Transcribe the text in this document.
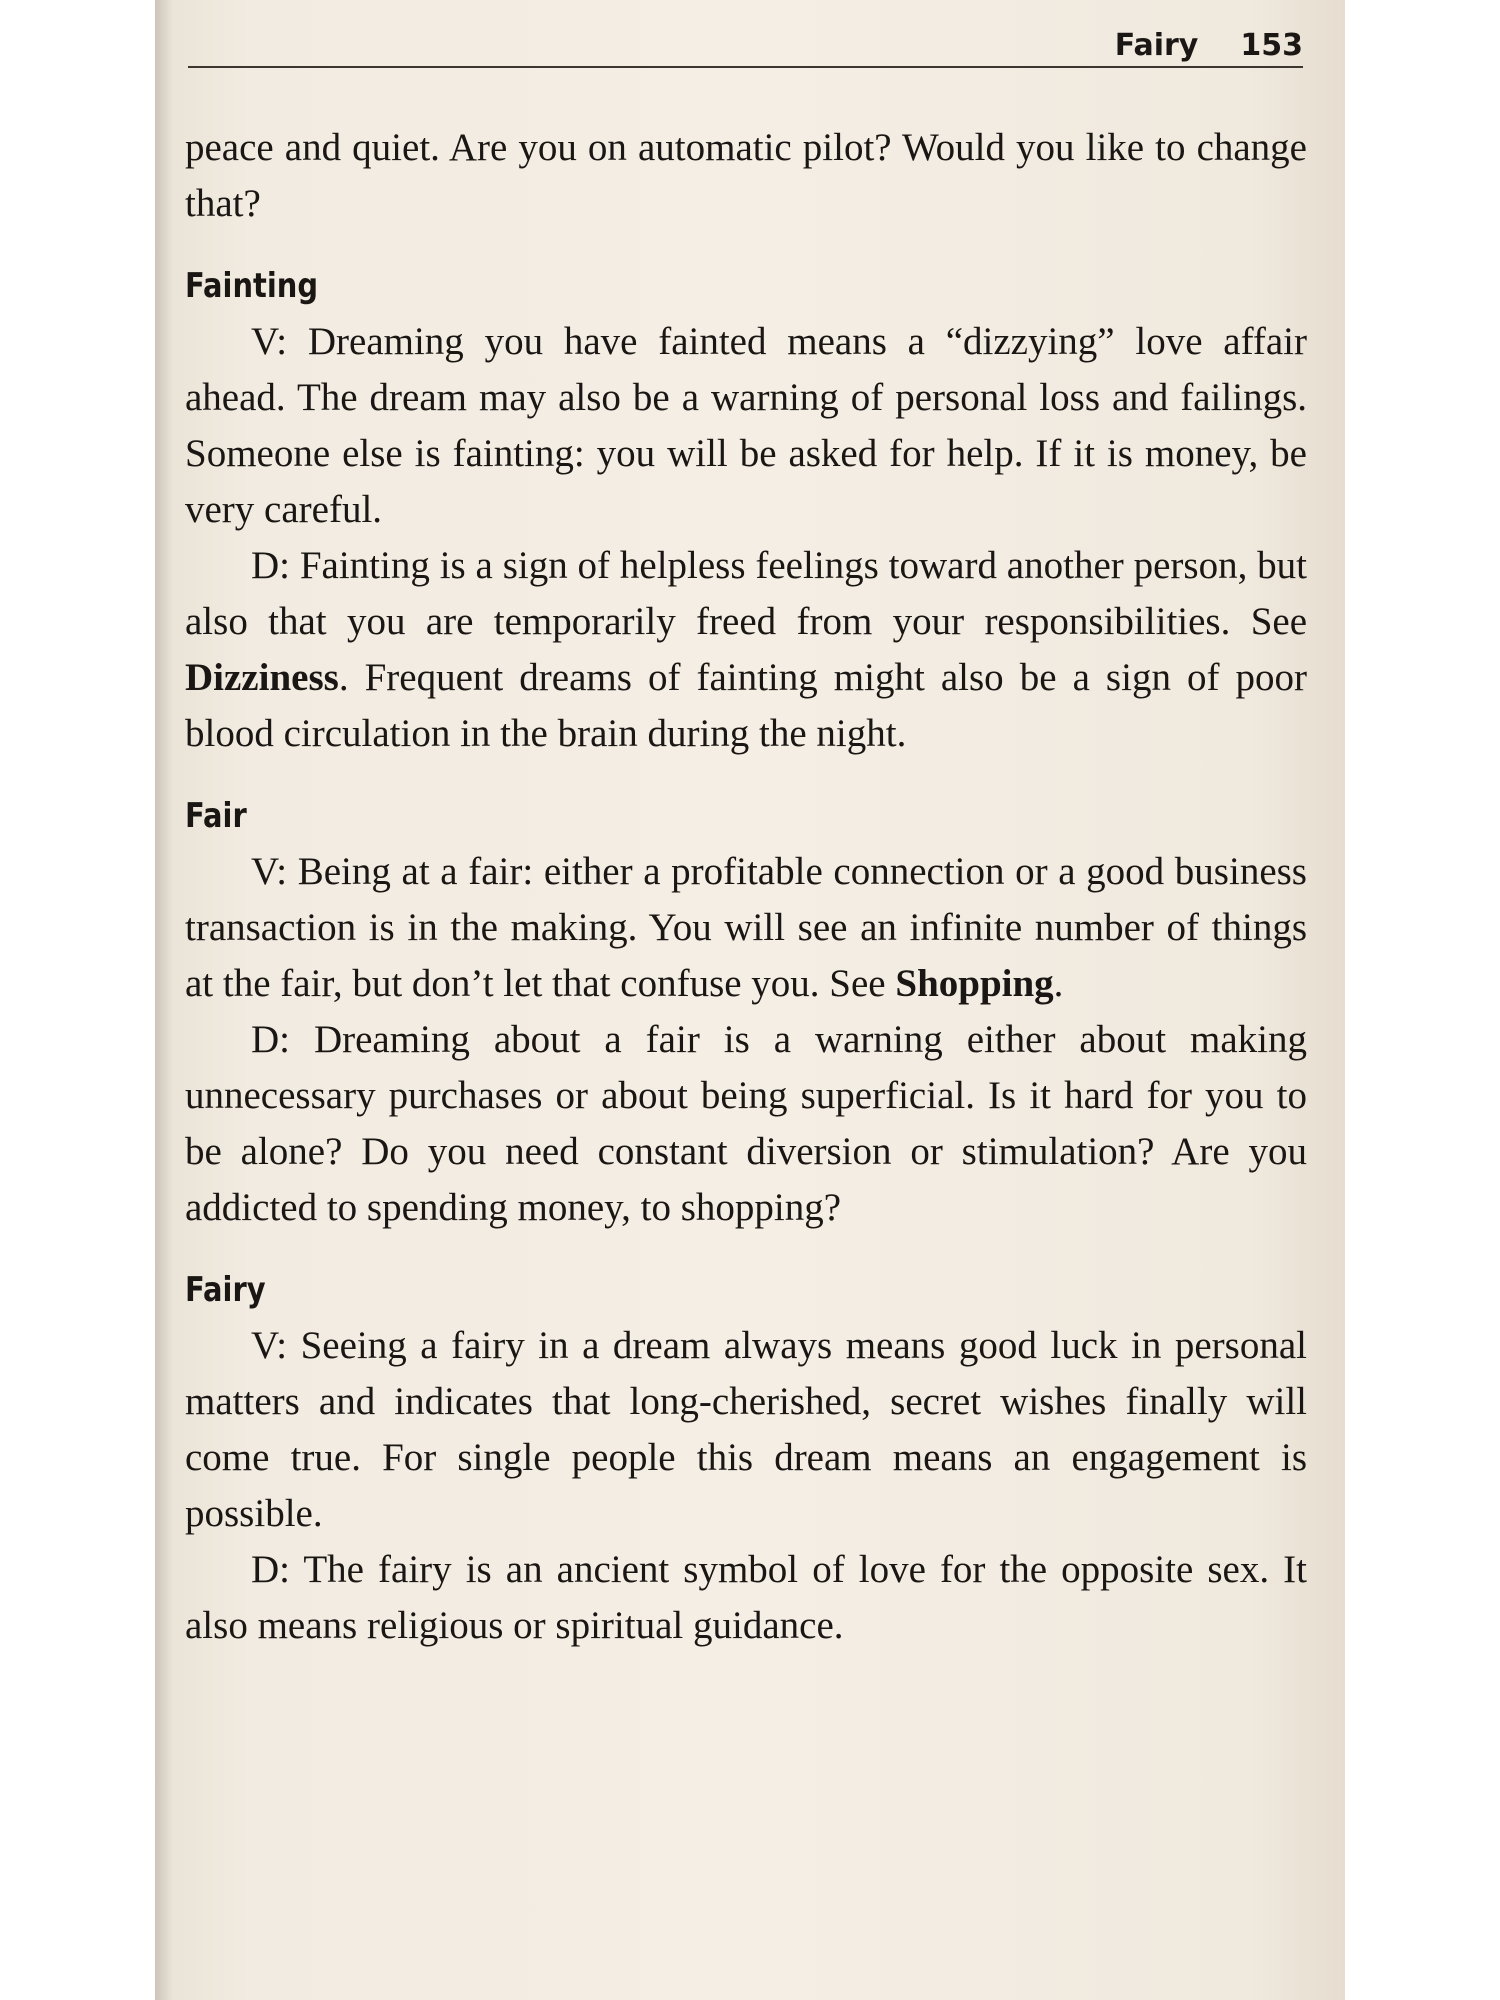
Fairy 153

peace and quiet. Are you on automatic pilot? Would you like to change that?

Fainting

V: Dreaming you have fainted means a “dizzying” love affair ahead. The dream may also be a warning of personal loss and failings. Someone else is fainting: you will be asked for help. If it is money, be very careful.

D: Fainting is a sign of helpless feelings toward another person, but also that you are temporarily freed from your responsibilities. See Dizziness. Frequent dreams of fainting might also be a sign of poor blood circulation in the brain during the night.

Fair

V: Being at a fair: either a profitable connection or a good business transaction is in the making. You will see an infinite number of things at the fair, but don’t let that confuse you. See Shopping.

D: Dreaming about a fair is a warning either about making unnecessary purchases or about being superficial. Is it hard for you to be alone? Do you need constant diversion or stimulation? Are you addicted to spending money, to shopping?

Fairy

V: Seeing a fairy in a dream always means good luck in personal matters and indicates that long-cherished, secret wishes finally will come true. For single people this dream means an engagement is possible.

D: The fairy is an ancient symbol of love for the opposite sex. It also means religious or spiritual guidance.
